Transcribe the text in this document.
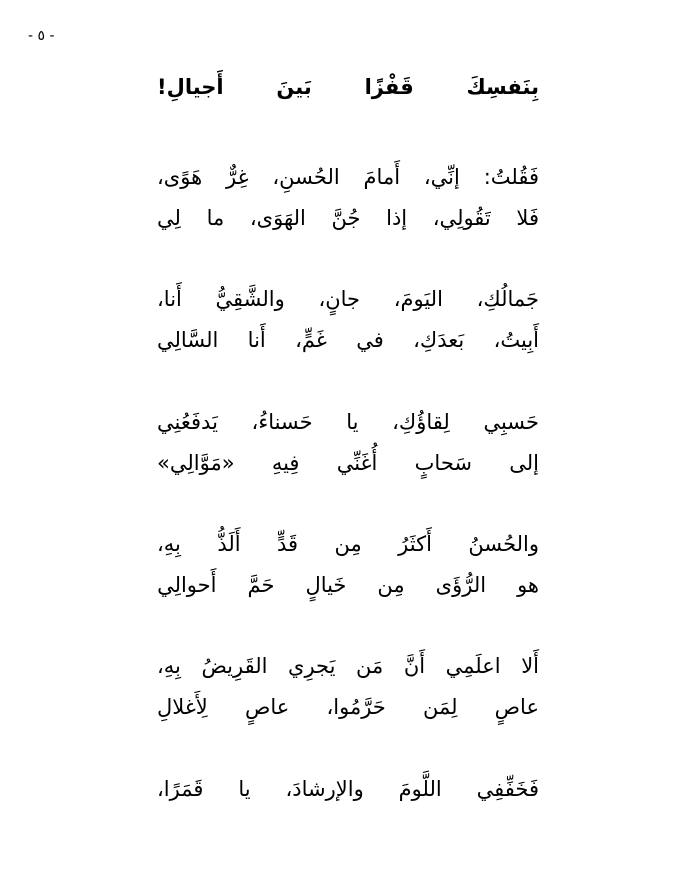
- ٥ -
بِنَفسِكَ
قَفْزًا
بَينَ
أَجيالِ!
فَقُلتُ:
إنِّي،
أَمامَ
الحُسنِ،
غِرٌّ
هَوًى،
فَلا
تَقُولِي،
إذا
جُنَّ
الهَوَى،
ما
لِي
جَمالُكِ،
اليَومَ،
جانٍ،
والشَّقِيُّ
أَنا،
أَبِيتُ،
بَعدَكِ،
في
غَمٍّ،
أَنا
السَّالِي
حَسبِي
لِقاؤُكِ،
يا
حَسناءُ،
يَدفَعُنِي
إلى
سَحابٍ
أُغَنِّي
فِيهِ
«مَوَّالِي»
والحُسنُ
أَكثَرُ
مِن
قَدٍّ
أَلَذُّ
بِهِ،
هو
الرُّؤَى
مِن
خَيالٍ
حَمَّ
أَحوالِي
أَلا
اعلَمِي
أَنَّ
مَن
يَجرِي
القَرِيضُ
بِهِ،
عاصٍ
لِمَن
حَرَّمُوا،
عاصٍ
لِأَغلالِ
فَخَفِّفِي
اللَّومَ
والإرشادَ،
يا
قَمَرًا،
